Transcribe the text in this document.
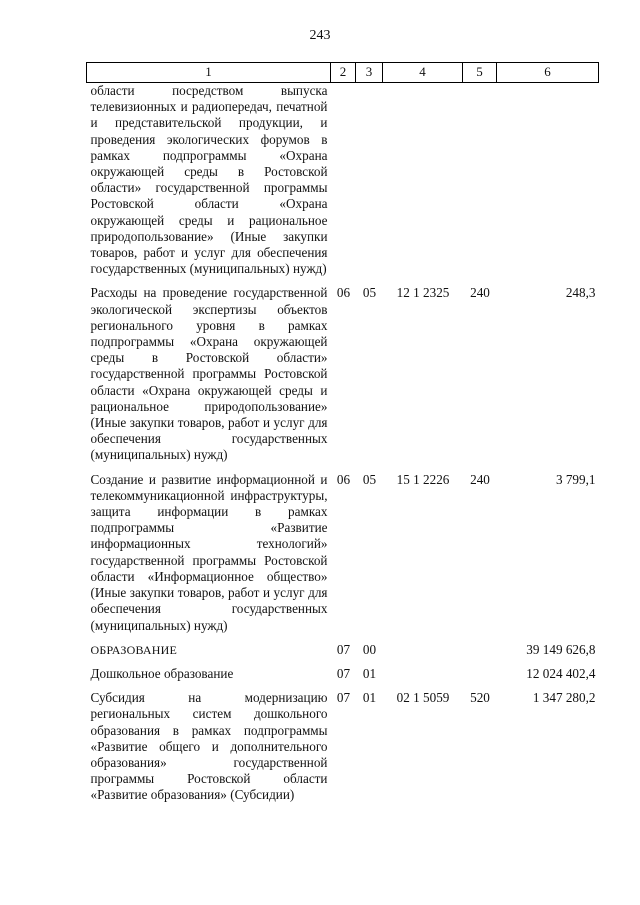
243
1	2	3	4	5	6
области посредством выпуска телевизионных и радиопередач, печатной и представительской продукции, и проведения экологических форумов в рамках подпрограммы «Охрана окружающей среды в Ростовской области» государственной программы Ростовской области «Охрана окружающей среды и рациональное природопользование» (Иные закупки товаров, работ и услуг для обеспечения государственных (муниципальных) нужд)					
Расходы на проведение государственной экологической экспертизы объектов регионального уровня в рамках подпрограммы «Охрана окружающей среды в Ростовской области» государственной программы Ростовской области «Охрана окружающей среды и рациональное природопользование» (Иные закупки товаров, работ и услуг для обеспечения государственных (муниципальных) нужд)	06	05	12 1 2325	240	248,3
Создание и развитие информационной и телекоммуникационной инфраструктуры, защита информации в рамках подпрограммы «Развитие информационных технологий» государственной программы Ростовской области «Информационное общество» (Иные закупки товаров, работ и услуг для обеспечения государственных (муниципальных) нужд)	06	05	15 1 2226	240	3 799,1
ОБРАЗОВАНИЕ	07	00			39 149 626,8
Дошкольное образование	07	01			12 024 402,4
Субсидия на модернизацию региональных систем дошкольного образования в рамках подпрограммы «Развитие общего и дополнительного образования» государственной программы Ростовской области «Развитие образования» (Субсидии)	07	01	02 1 5059	520	1 347 280,2
